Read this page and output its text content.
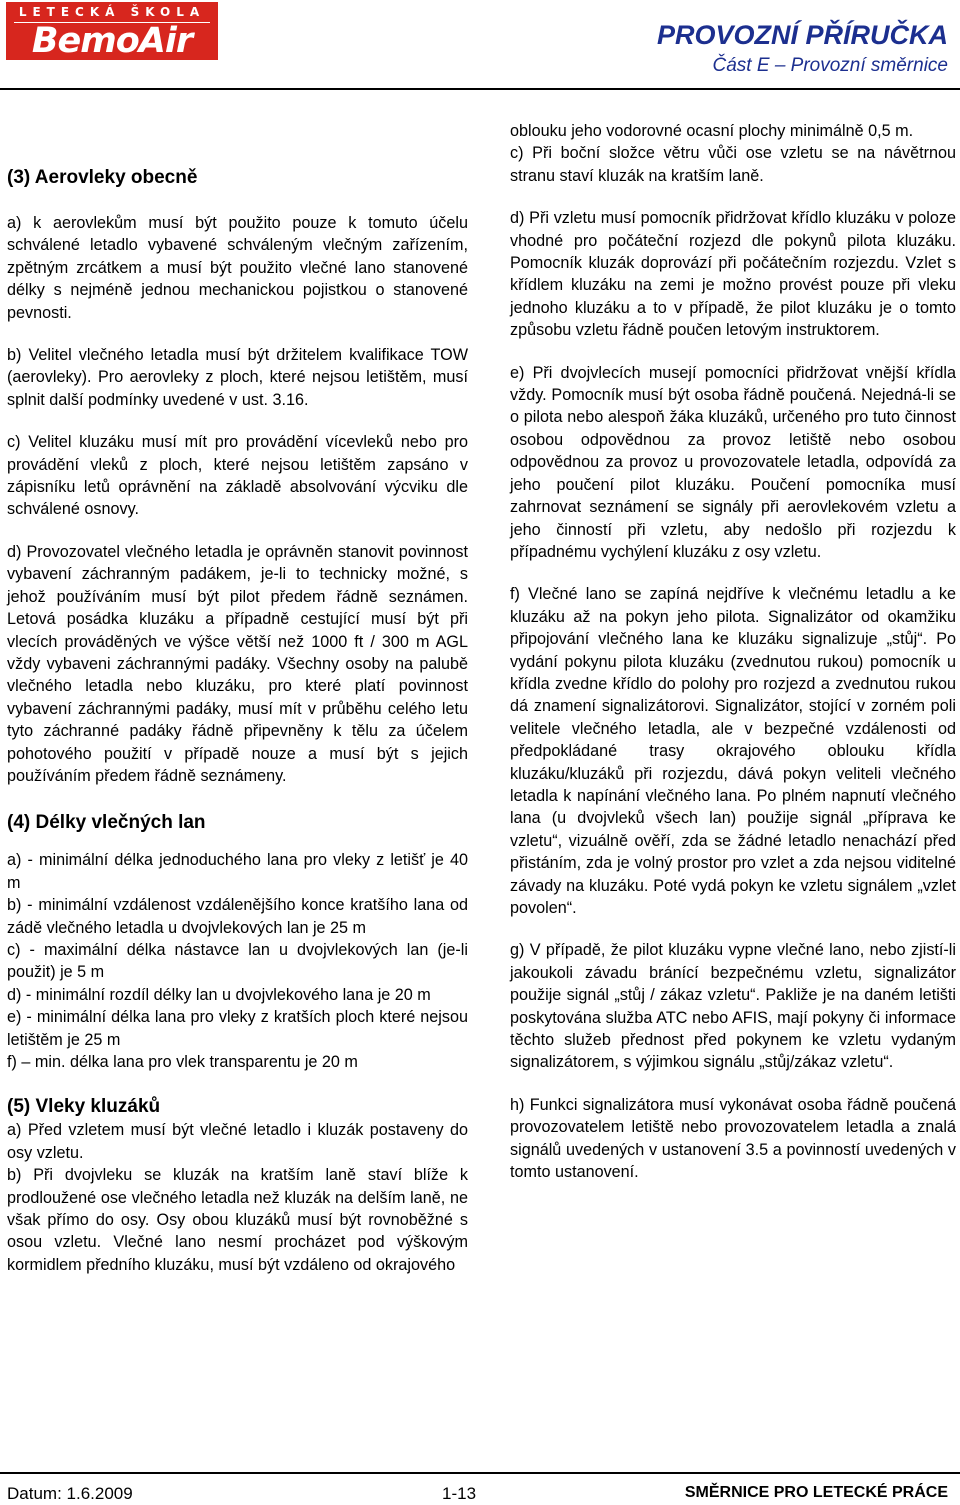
LETECKÁ ŠKOLA
BemoAir	PROVOZNÍ PŘÍRUČKA
Část E – Provozní směrnice
(3) Aerovleky obecně

a) k aerovlekům musí být použito pouze k tomuto účelu schválené letadlo vybavené schváleným vlečným zařízením, zpětným zrcátkem a musí být použito vlečné lano stanovené délky s nejméně jednou mechanickou pojistkou o stanovené pevnosti.

b) Velitel vlečného letadla musí být držitelem kvalifikace TOW (aerovleky). Pro aerovleky z ploch, které nejsou letištěm, musí splnit další podmínky uvedené v ust. 3.16.

c) Velitel kluzáku musí mít pro provádění vícevleků nebo pro provádění vleků z ploch, které nejsou letištěm zapsáno v zápisníku letů oprávnění na základě absolvování výcviku dle schválené osnovy.

d) Provozovatel vlečného letadla je oprávněn stanovit povinnost vybavení záchranným padákem, je-li to technicky možné, s jehož používáním musí být pilot předem řádně seznámen. Letová posádka kluzáku a případně cestující musí být při vlecích prováděných ve výšce větší než 1000 ft / 300 m AGL vždy vybaveni záchrannými padáky. Všechny osoby na palubě vlečného letadla nebo kluzáku, pro které platí povinnost vybavení záchrannými padáky, musí mít v průběhu celého letu tyto záchranné padáky řádně připevněny k tělu za účelem pohotového použití v případě nouze a musí být s jejich používáním předem řádně seznámeny.

(4) Délky vlečných lan

a) - minimální délka jednoduchého lana pro vleky z letišť je 40 m

b) - minimální vzdálenost vzdálenějšího konce kratšího lana od zádě vlečného letadla u dvojvlekových lan je 25 m

c) - maximální délka nástavce lan u dvojvlekových lan (je-li použit) je 5 m

d) - minimální rozdíl délky lan u dvojvlekového lana je 20 m

e) - minimální délka lana pro vleky z kratších ploch které nejsou letištěm je 25 m

f) – min. délka lana pro vlek transparentu je 20 m

(5) Vleky kluzáků

a) Před vzletem musí být vlečné letadlo i kluzák postaveny do osy vzletu.

b) Při dvojvleku se kluzák na kratším laně staví blíže k prodloužené ose vlečného letadla než kluzák na delším laně, ne však přímo do osy. Osy obou kluzáků musí být rovnoběžné s osou vzletu. Vlečné lano nesmí procházet pod výškovým kormidlem předního kluzáku, musí být vzdáleno od okrajového

oblouku jeho vodorovné ocasní plochy minimálně 0,5 m.

c) Při boční složce větru vůči ose vzletu se na návětrnou stranu staví kluzák na kratším laně.

d) Při vzletu musí pomocník přidržovat křídlo kluzáku v poloze vhodné pro počáteční rozjezd dle pokynů pilota kluzáku. Pomocník kluzák doprovází při počátečním rozjezdu. Vzlet s křídlem kluzáku na zemi je možno provést pouze při vleku jednoho kluzáku a to v případě, že pilot kluzáku je o tomto způsobu vzletu řádně poučen letovým instruktorem.

e) Při dvojvlecích musejí pomocníci přidržovat vnější křídla vždy. Pomocník musí být osoba řádně poučená. Nejedná-li se o pilota nebo alespoň žáka kluzáků, určeného pro tuto činnost osobou odpovědnou za provoz letiště nebo osobou odpovědnou za provoz u provozovatele letadla, odpovídá za jeho poučení pilot kluzáku. Poučení pomocníka musí zahrnovat seznámení se signály při aerovlekovém vzletu a jeho činností při vzletu, aby nedošlo při rozjezdu k případnému vychýlení kluzáku z osy vzletu.

f) Vlečné lano se zapíná nejdříve k vlečnému letadlu a ke kluzáku až na pokyn jeho pilota. Signalizátor od okamžiku připojování vlečného lana ke kluzáku signalizuje „stůj“. Po vydání pokynu pilota kluzáku (zvednutou rukou) pomocník u křídla zvedne křídlo do polohy pro rozjezd a zvednutou rukou dá znamení signalizátorovi. Signalizátor, stojící v zorném poli velitele vlečného letadla, ale v bezpečné vzdálenosti od předpokládané trasy okrajového oblouku křídla kluzáku/kluzáků při rozjezdu, dává pokyn veliteli vlečného letadla k napínání vlečného lana. Po plném napnutí vlečného lana (u dvojvleků všech lan) použije signál „příprava ke vzletu“, vizuálně ověří, zda se žádné letadlo nenachází před přistáním, zda je volný prostor pro vzlet a zda nejsou viditelné závady na kluzáku. Poté vydá pokyn ke vzletu signálem „vzlet povolen“.

g) V případě, že pilot kluzáku vypne vlečné lano, nebo zjistí-li jakoukoli závadu bránící bezpečnému vzletu, signalizátor použije signál „stůj / zákaz vzletu“. Pakliže je na daném letišti poskytována služba ATC nebo AFIS, mají pokyny či informace těchto služeb přednost před pokynem ke vzletu vydaným signalizátorem, s výjimkou signálu „stůj/zákaz vzletu“.

h) Funkci signalizátora musí vykonávat osoba řádně poučená provozovatelem letiště nebo provozovatelem letadla a znalá signálů uvedených v ustanovení 3.5 a povinností uvedených v tomto ustanovení.

Datum: 1.6.2009	1-13	SMĚRNICE PRO LETECKÉ PRÁCE
